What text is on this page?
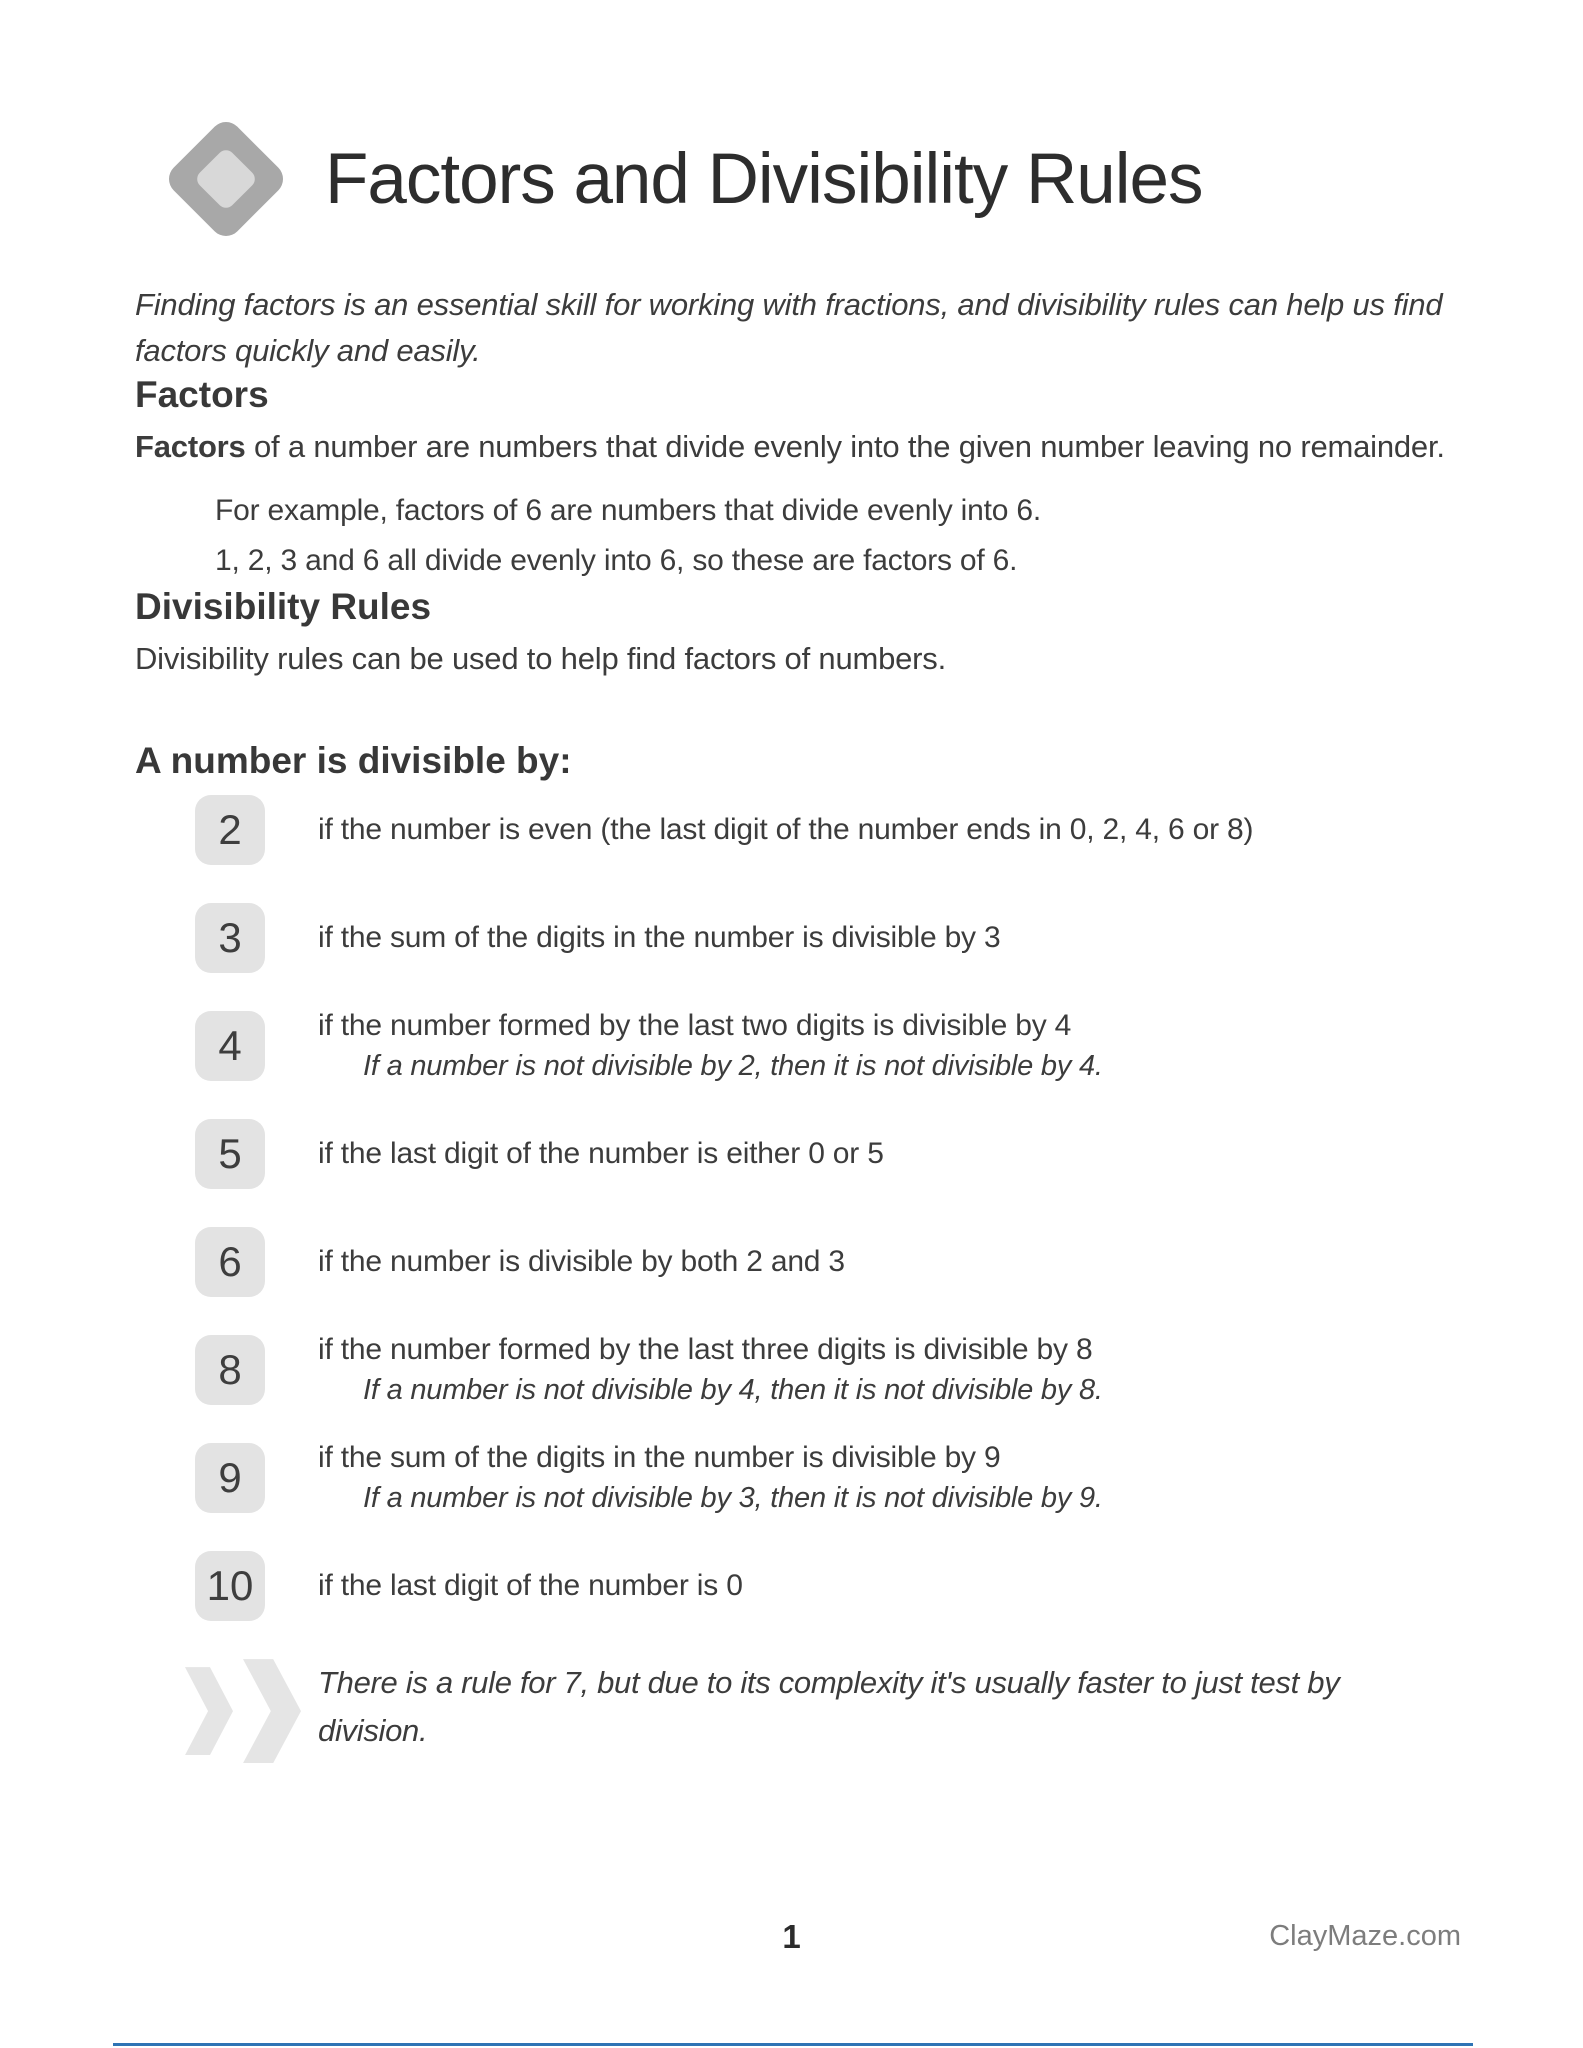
Factors and Divisibility Rules
Finding factors is an essential skill for working with fractions, and divisibility rules can help us find factors quickly and easily.
Factors
Factors of a number are numbers that divide evenly into the given number leaving no remainder.
For example, factors of 6 are numbers that divide evenly into 6.
1, 2, 3 and 6 all divide evenly into 6, so these are factors of 6.
Divisibility Rules
Divisibility rules can be used to help find factors of numbers.
A number is divisible by:
2	if the number is even (the last digit of the number ends in 0, 2, 4, 6 or 8)
3	if the sum of the digits in the number is divisible by 3
4	if the number formed by the last two digits is divisible by 4
If a number is not divisible by 2, then it is not divisible by 4.
5	if the last digit of the number is either 0 or 5
6	if the number is divisible by both 2 and 3
8	if the number formed by the last three digits is divisible by 8
If a number is not divisible by 4, then it is not divisible by 8.
9	if the sum of the digits in the number is divisible by 9
If a number is not divisible by 3, then it is not divisible by 9.
10	if the last digit of the number is 0
There is a rule for 7, but due to its complexity it's usually faster to just test by division.
1	ClayMaze.com
